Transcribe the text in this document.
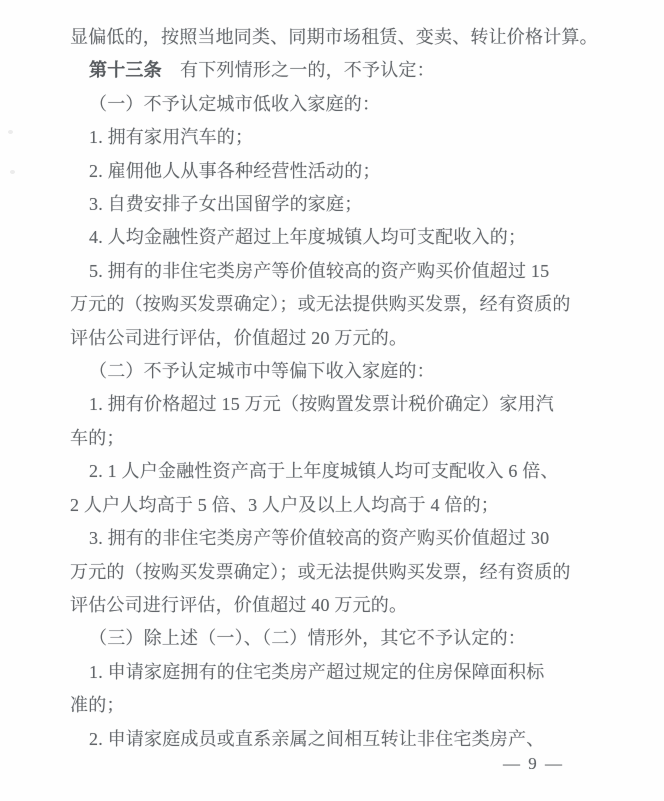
显偏低的，按照当地同类、同期市场租赁、变卖、转让价格计算。
第十三条　有下列情形之一的，不予认定：
（一）不予认定城市低收入家庭的：
1. 拥有家用汽车的；
2. 雇佣他人从事各种经营性活动的；
3. 自费安排子女出国留学的家庭；
4. 人均金融性资产超过上年度城镇人均可支配收入的；
5. 拥有的非住宅类房产等价值较高的资产购买价值超过 15
万元的（按购买发票确定）；或无法提供购买发票，经有资质的
评估公司进行评估，价值超过 20 万元的。
（二）不予认定城市中等偏下收入家庭的：
1. 拥有价格超过 15 万元（按购置发票计税价确定）家用汽
车的；
2. 1 人户金融性资产高于上年度城镇人均可支配收入 6 倍、
2 人户人均高于 5 倍、3 人户及以上人均高于 4 倍的；
3. 拥有的非住宅类房产等价值较高的资产购买价值超过 30
万元的（按购买发票确定）；或无法提供购买发票，经有资质的
评估公司进行评估，价值超过 40 万元的。
（三）除上述（一）、（二）情形外，其它不予认定的：
1. 申请家庭拥有的住宅类房产超过规定的住房保障面积标
准的；
2. 申请家庭成员或直系亲属之间相互转让非住宅类房产、
— 9 —
